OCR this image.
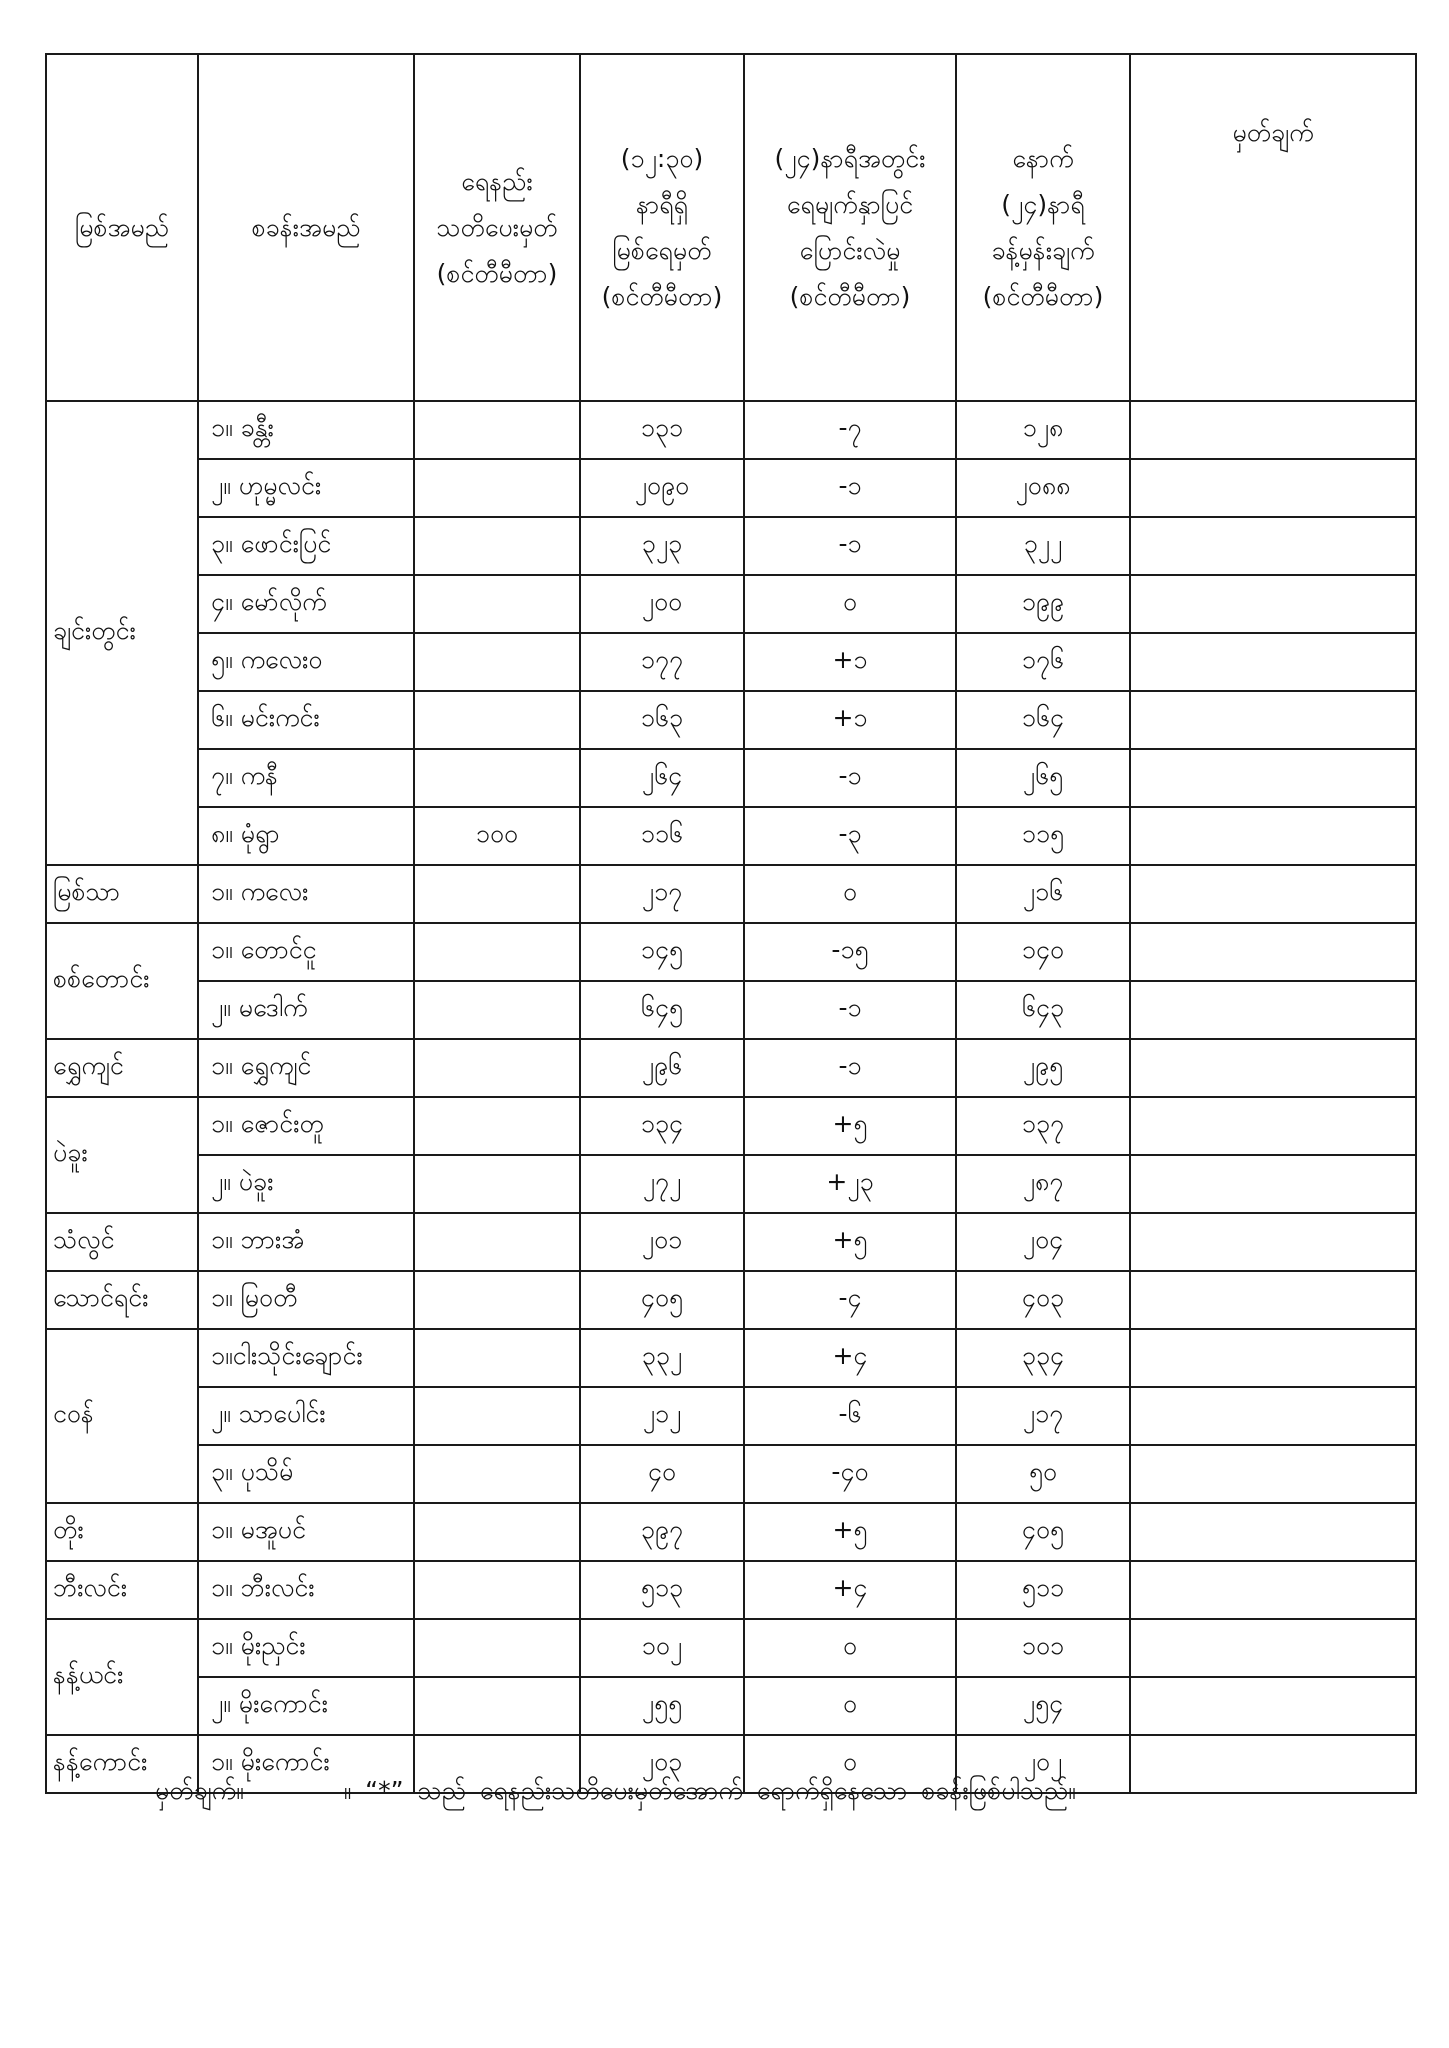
မြစ်အမည်	စခန်းအမည်	ရေနည်း
သတိပေးမှတ်
(စင်တီမီတာ)	(၁၂:၃၀)
နာရီရှိ
မြစ်ရေမှတ်
(စင်တီမီတာ)	(၂၄)နာရီအတွင်း
ရေမျက်နှာပြင်
ပြောင်းလဲမှု
(စင်တီမီတာ)	နောက်
(၂၄)နာရီ
ခန့်မှန်းချက်
(စင်တီမီတာ)	မှတ်ချက်

ချင်းတွင်း	၁။ ခန္တီး		၁၃၁	-၇	၁၂၈	
	၂။ ဟုမ္မလင်း		၂၀၉၀	-၁	၂၀၈၈	
	၃။ ဖောင်းပြင်		၃၂၃	-၁	၃၂၂	
	၄။ မော်လိုက်		၂၀၀	၀	၁၉၉	
	၅။ ကလေးဝ		၁၇၇	+၁	၁၇၆	
	၆။ မင်းကင်း		၁၆၃	+၁	၁၆၄	
	၇။ ကနီ		၂၆၄	-၁	၂၆၅	
	၈။ မုံရွာ	၁၀၀	၁၁၆	-၃	၁၁၅	
မြစ်သာ	၁။ ကလေး		၂၁၇	၀	၂၁၆	
စစ်တောင်း	၁။ တောင်ငူ		၁၄၅	-၁၅	၁၄၀	
	၂။ မဒေါက်		၆၄၅	-၁	၆၄၃	
ရွှေကျင်	၁။ ရွှေကျင်		၂၉၆	-၁	၂၉၅	
ပဲခူး	၁။ ဇောင်းတူ		၁၃၄	+၅	၁၃၇	
	၂။ ပဲခူး		၂၇၂	+၂၃	၂၈၇	
သံလွင်	၁။ ဘားအံ		၂၀၁	+၅	၂၀၄	
သောင်ရင်း	၁။ မြဝတီ		၄၀၅	-၄	၄၀၃	
ငဝန်	၁။ငါးသိုင်းချောင်း		၃၃၂	+၄	၃၃၄	
	၂။ သာပေါင်း		၂၁၂	-၆	၂၁၇	
	၃။ ပုသိမ်		၄၀	-၄၀	၅၀	
တိုး	၁။ မအူပင်		၃၉၇	+၅	၄၀၅	
ဘီးလင်း	၁။ ဘီးလင်း		၅၁၃	+၄	၅၁၁	
နန့်ယင်း	၁။ မိုးညှင်း		၁၀၂	၀	၁၀၁	
	၂။ မိုးကောင်း		၂၅၅	၀	၂၅၄	
နန့်ကောင်း	၁။ မိုးကောင်း		၂၀၃	၀	၂၀၂	
မှတ်ချက်။	။ “*” သည် ရေနည်းသတိပေးမှတ်အောက် ရောက်ရှိနေသော စခန်းဖြစ်ပါသည်။
